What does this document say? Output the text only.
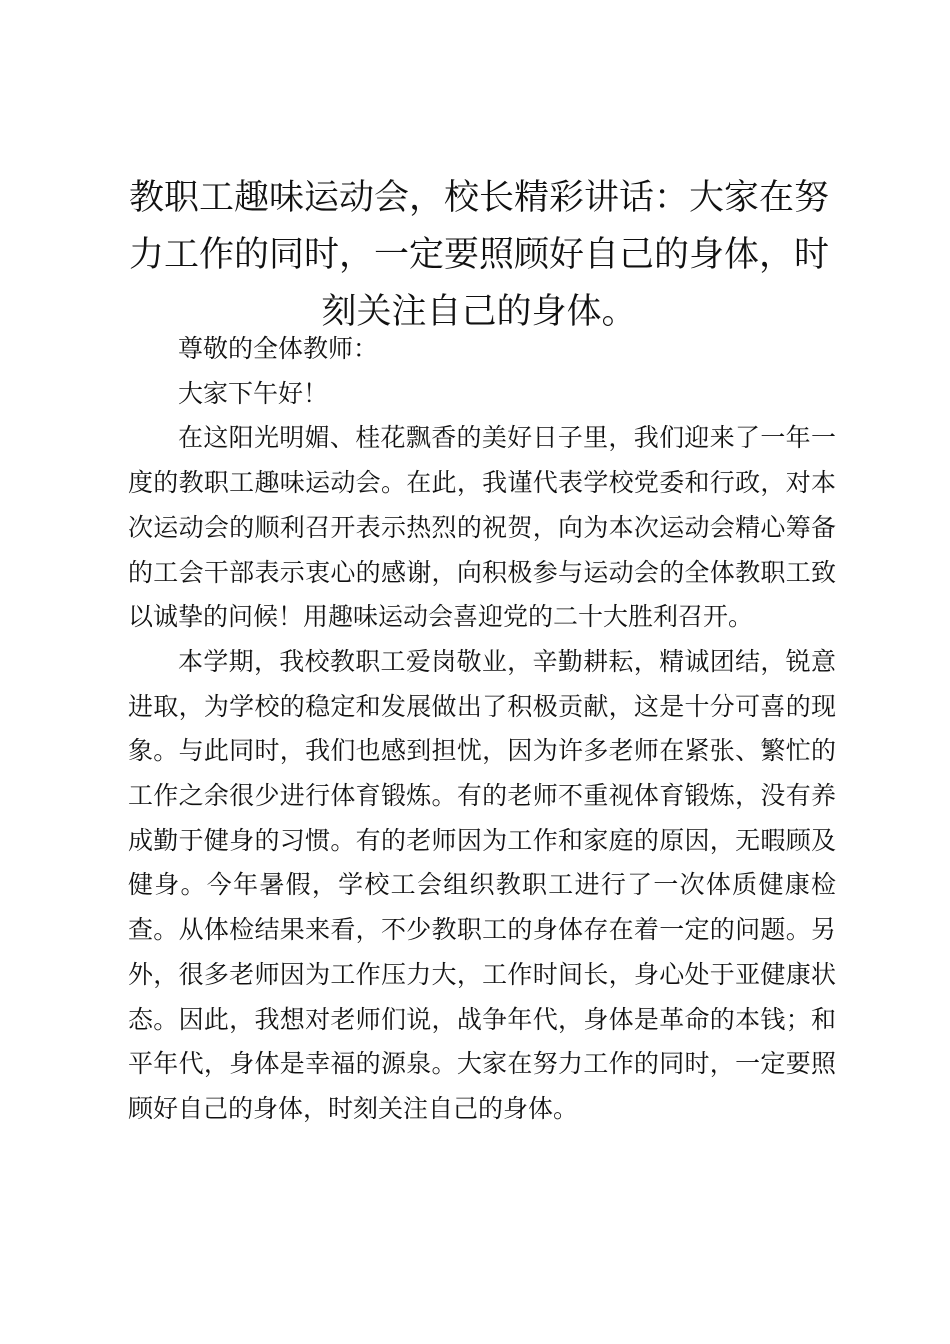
教职工趣味运动会，校长精彩讲话：大家在努力工作的同时，一定要照顾好自己的身体，时刻关注自己的身体。

尊敬的全体教师：

大家下午好！

在这阳光明媚、桂花飘香的美好日子里，我们迎来了一年一度的教职工趣味运动会。在此，我谨代表学校党委和行政，对本次运动会的顺利召开表示热烈的祝贺，向为本次运动会精心筹备的工会干部表示衷心的感谢，向积极参与运动会的全体教职工致以诚挚的问候！用趣味运动会喜迎党的二十大胜利召开。

本学期，我校教职工爱岗敬业，辛勤耕耘，精诚团结，锐意进取，为学校的稳定和发展做出了积极贡献，这是十分可喜的现象。与此同时，我们也感到担忧，因为许多老师在紧张、繁忙的工作之余很少进行体育锻炼。有的老师不重视体育锻炼，没有养成勤于健身的习惯。有的老师因为工作和家庭的原因，无暇顾及健身。今年暑假，学校工会组织教职工进行了一次体质健康检查。从体检结果来看，不少教职工的身体存在着一定的问题。另外，很多老师因为工作压力大，工作时间长，身心处于亚健康状态。因此，我想对老师们说，战争年代，身体是革命的本钱；和平年代，身体是幸福的源泉。大家在努力工作的同时，一定要照顾好自己的身体，时刻关注自己的身体。
